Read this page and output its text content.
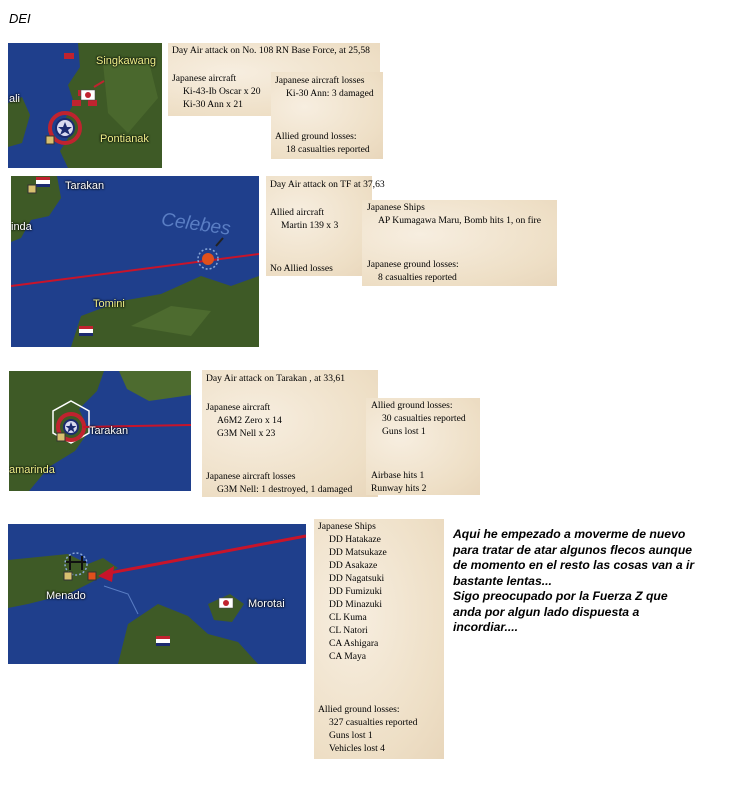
DEI
Singkawang
ali
Pontianak
Day Air attack on No. 108 RN Base Force, at 25,58
Japanese aircraft
Ki-43-Ib Oscar x 20
Ki-30 Ann x 21
Japanese aircraft losses
Ki-30 Ann: 3 damaged
Allied ground losses:
18 casualties reported
Tarakan
inda	Celebes
Tomini
Day Air attack on TF at 37,63
Allied aircraft
Martin 139 x 3
No Allied losses
Japanese Ships
AP Kumagawa Maru, Bomb hits 1, on fire
Japanese ground losses:
8 casualties reported
Tarakan
amarinda
Day Air attack on Tarakan , at 33,61
Japanese aircraft
A6M2 Zero x 14
G3M Nell x 23
Japanese aircraft losses
G3M Nell: 1 destroyed, 1 damaged
Allied ground losses:
30 casualties reported
Guns lost 1
Airbase hits 1
Runway hits 2
Menado
Morotai
Japanese Ships
DD Hatakaze
DD Matsukaze
DD Asakaze
DD Nagatsuki
DD Fumizuki
DD Minazuki
CL Kuma
CL Natori
CA Ashigara
CA Maya
Allied ground losses:
327 casualties reported
Guns lost 1
Vehicles lost 4
Aqui he empezado a moverme de nuevo
para tratar de atar algunos flecos aunque
de momento en el resto las cosas van a ir
bastante lentas...
Sigo preocupado por la Fuerza Z que
anda por algun lado dispuesta a
incordiar....
